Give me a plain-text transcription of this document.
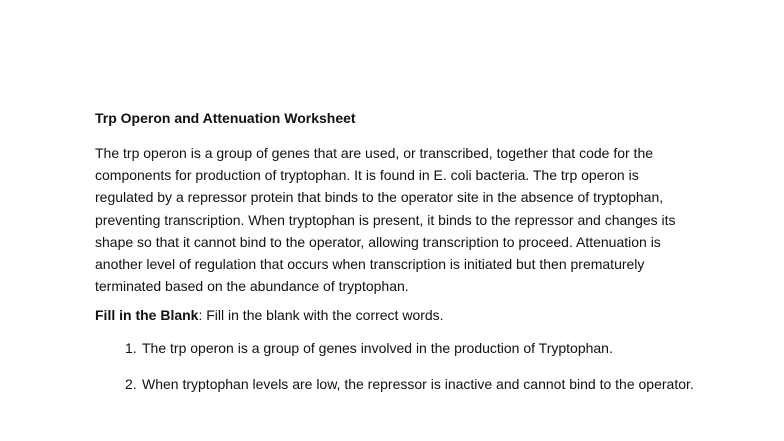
Trp Operon and Attenuation Worksheet

The trp operon is a group of genes that are used, or transcribed, together that code for the components for production of tryptophan. It is found in E. coli bacteria. The trp operon is regulated by a repressor protein that binds to the operator site in the absence of tryptophan, preventing transcription. When tryptophan is present, it binds to the repressor and changes its shape so that it cannot bind to the operator, allowing transcription to proceed. Attenuation is another level of regulation that occurs when transcription is initiated but then prematurely terminated based on the abundance of tryptophan.

Fill in the Blank: Fill in the blank with the correct words.
1. The trp operon is a group of genes involved in the production of Tryptophan.
2. When tryptophan levels are low, the repressor is inactive and cannot bind to the operator.
